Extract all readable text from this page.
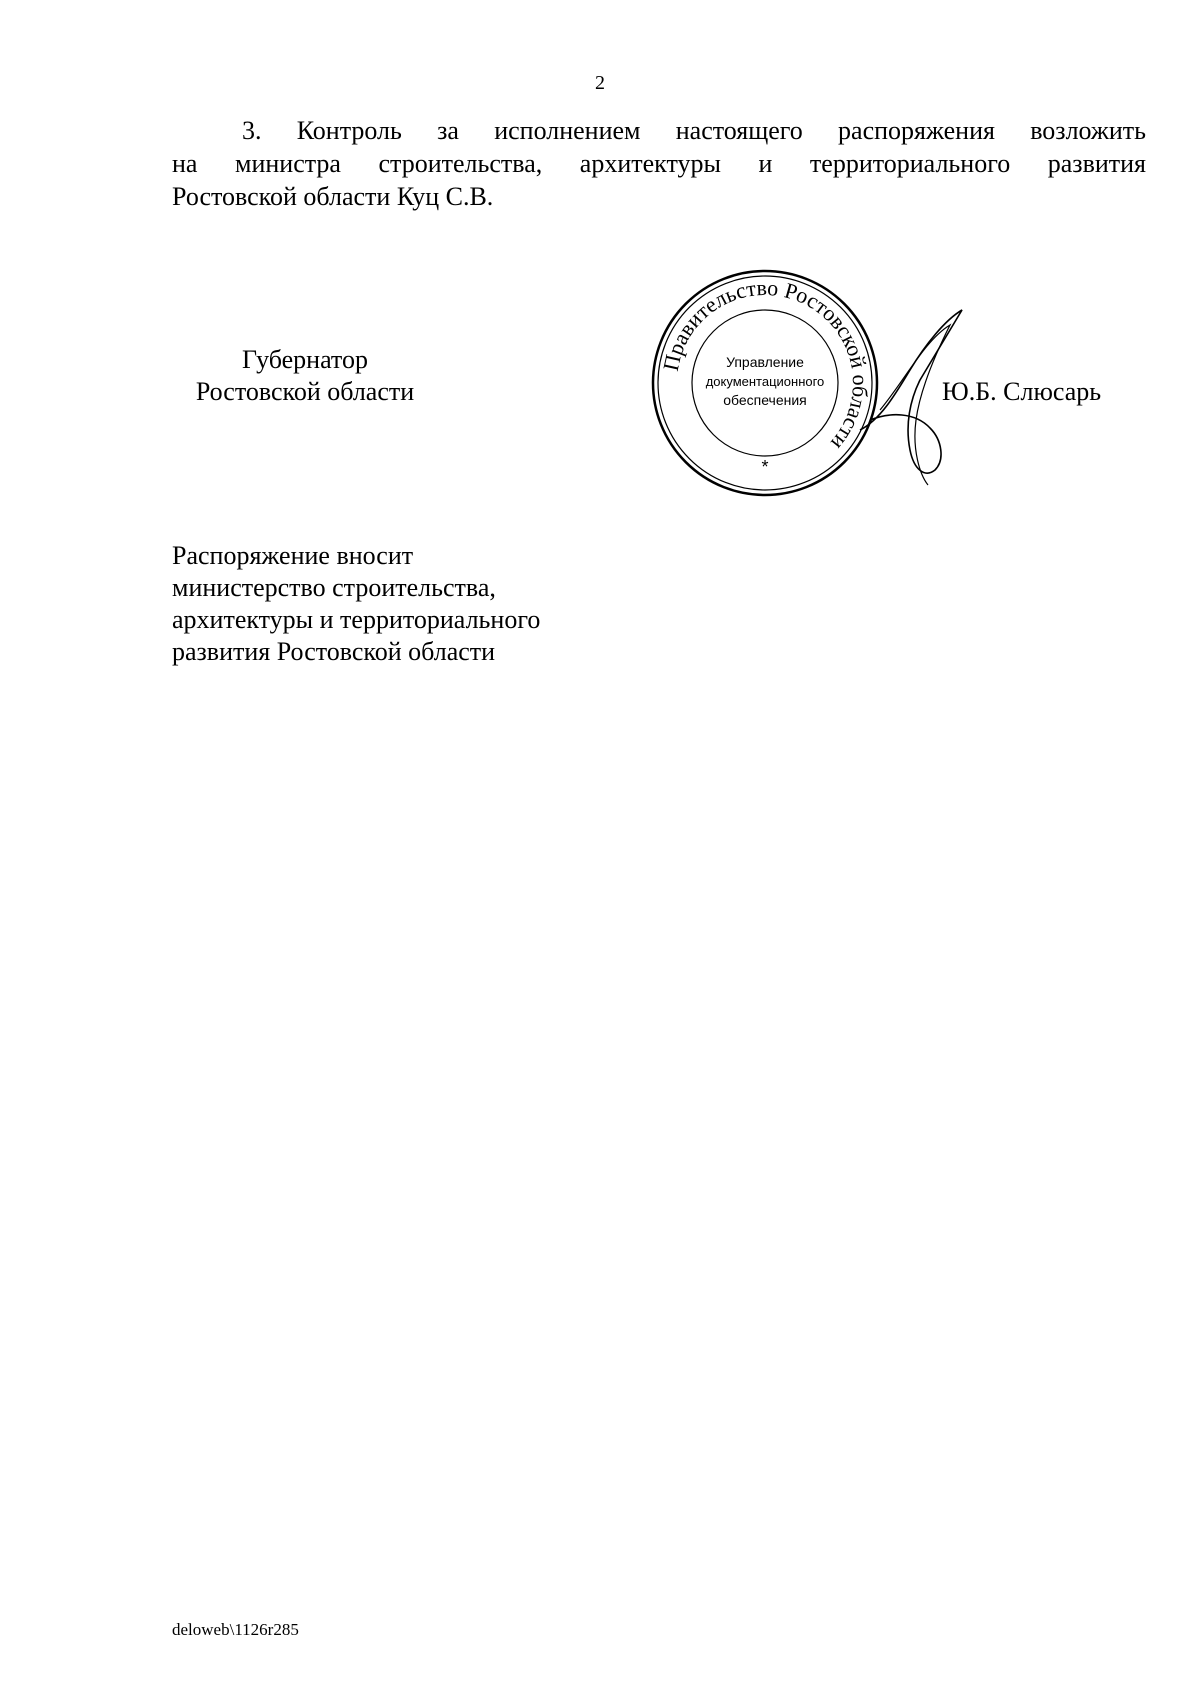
2
3. Контроль за исполнением настоящего распоряжения возложить
на министра строительства, архитектуры и территориального развития
Ростовской области Куц С.В.
Губернатор
Ростовской области
Правительство Ростовской области
Управление
документационного
обеспечения
*
Ю.Б. Слюсарь
Распоряжение вносит
министерство строительства,
архитектуры и территориального
развития Ростовской области
deloweb\1126r285
